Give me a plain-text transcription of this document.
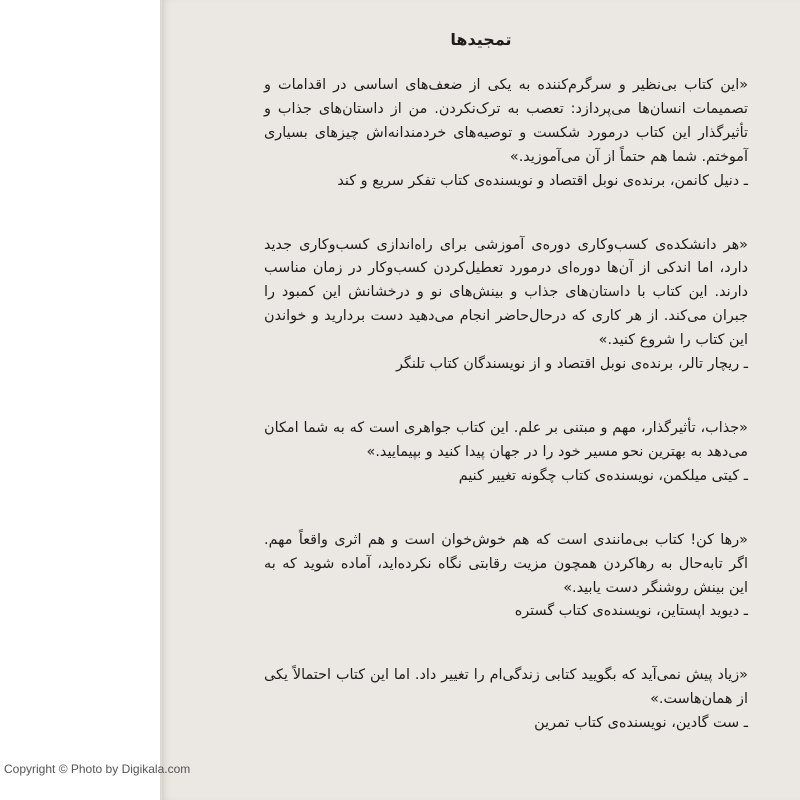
تمجیدها
«این کتاب بی‌نظیر و سرگرم‌کننده به یکی از ضعف‌های اساسی در اقدامات و تصمیمات انسان‌ها می‌پردازد: تعصب به ترک‌نکردن. من از داستان‌های جذاب و تأثیرگذار این کتاب درمورد شکست و توصیه‌های خردمندانه‌اش چیزهای بسیاری آموختم. شما هم حتماً از آن می‌آموزید.»
ـ دنیل کانمن، برنده‌ی نوبل اقتصاد و نویسنده‌ی کتاب تفکر سریع و کند
«هر دانشکده‌ی کسب‌وکاری دوره‌ی آموزشی برای راه‌اندازی کسب‌وکاری جدید دارد، اما اندکی از آن‌ها دوره‌ای درمورد تعطیل‌کردن کسب‌وکار در زمان مناسب دارند. این کتاب با داستان‌های جذاب و بینش‌های نو و درخشانش این کمبود را جبران می‌کند. از هر کاری که درحال‌حاضر انجام می‌دهید دست بردارید و خواندن این کتاب را شروع کنید.»
ـ ریچار تالر، برنده‌ی نوبل اقتصاد و از نویسندگان کتاب تلنگر
«جذاب، تأثیرگذار، مهم و مبتنی بر علم. این کتاب جواهری است که به شما امکان می‌دهد به بهترین نحو مسیر خود را در جهان پیدا کنید و بپیمایید.»
ـ کیتی میلکمن، نویسنده‌ی کتاب چگونه تغییر کنیم
«رها کن! کتاب بی‌مانندی است که هم خوش‌خوان است و هم اثری واقعاً مهم. اگر تابه‌حال به رهاکردن همچون مزیت رقابتی نگاه نکرده‌اید، آماده شوید که به این بینش روشنگر دست یابید.»
ـ دیوید اپستاین، نویسنده‌ی کتاب گستره
«زیاد پیش نمی‌آید که بگویید کتابی زندگی‌ام را تغییر داد. اما این کتاب احتمالاً یکی از همان‌هاست.»
ـ ست گادین، نویسنده‌ی کتاب تمرین
Copyright © Photo by Digikala.com
